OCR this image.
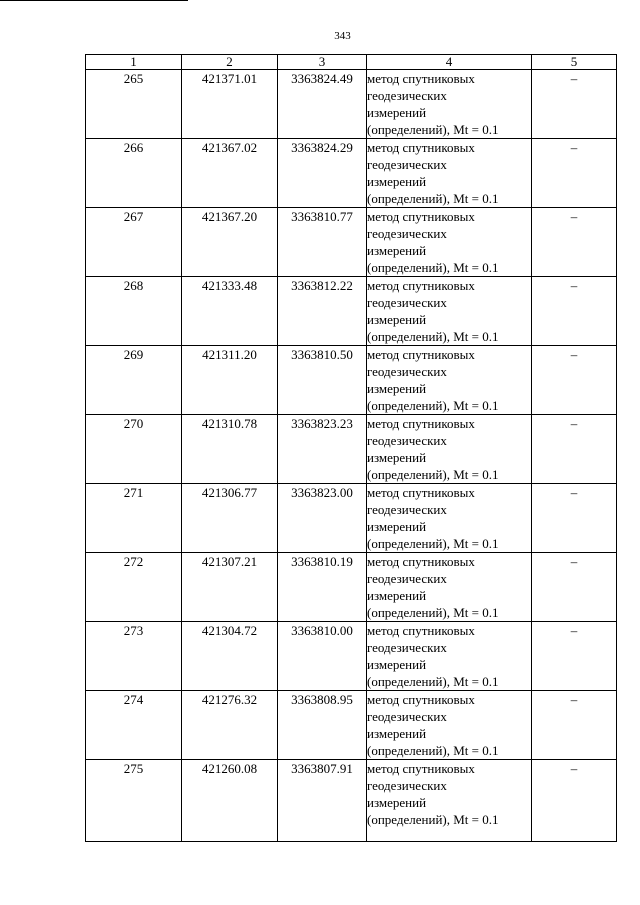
343
1	2	3	4	5
265	421371.01	3363824.49	метод спутниковых
геодезических
измерений
(определений), Mt = 0.1	–
266	421367.02	3363824.29	метод спутниковых
геодезических
измерений
(определений), Mt = 0.1	–
267	421367.20	3363810.77	метод спутниковых
геодезических
измерений
(определений), Mt = 0.1	–
268	421333.48	3363812.22	метод спутниковых
геодезических
измерений
(определений), Mt = 0.1	–
269	421311.20	3363810.50	метод спутниковых
геодезических
измерений
(определений), Mt = 0.1	–
270	421310.78	3363823.23	метод спутниковых
геодезических
измерений
(определений), Mt = 0.1	–
271	421306.77	3363823.00	метод спутниковых
геодезических
измерений
(определений), Mt = 0.1	–
272	421307.21	3363810.19	метод спутниковых
геодезических
измерений
(определений), Mt = 0.1	–
273	421304.72	3363810.00	метод спутниковых
геодезических
измерений
(определений), Mt = 0.1	–
274	421276.32	3363808.95	метод спутниковых
геодезических
измерений
(определений), Mt = 0.1	–
275	421260.08	3363807.91	метод спутниковых
геодезических
измерений
(определений), Mt = 0.1	–
